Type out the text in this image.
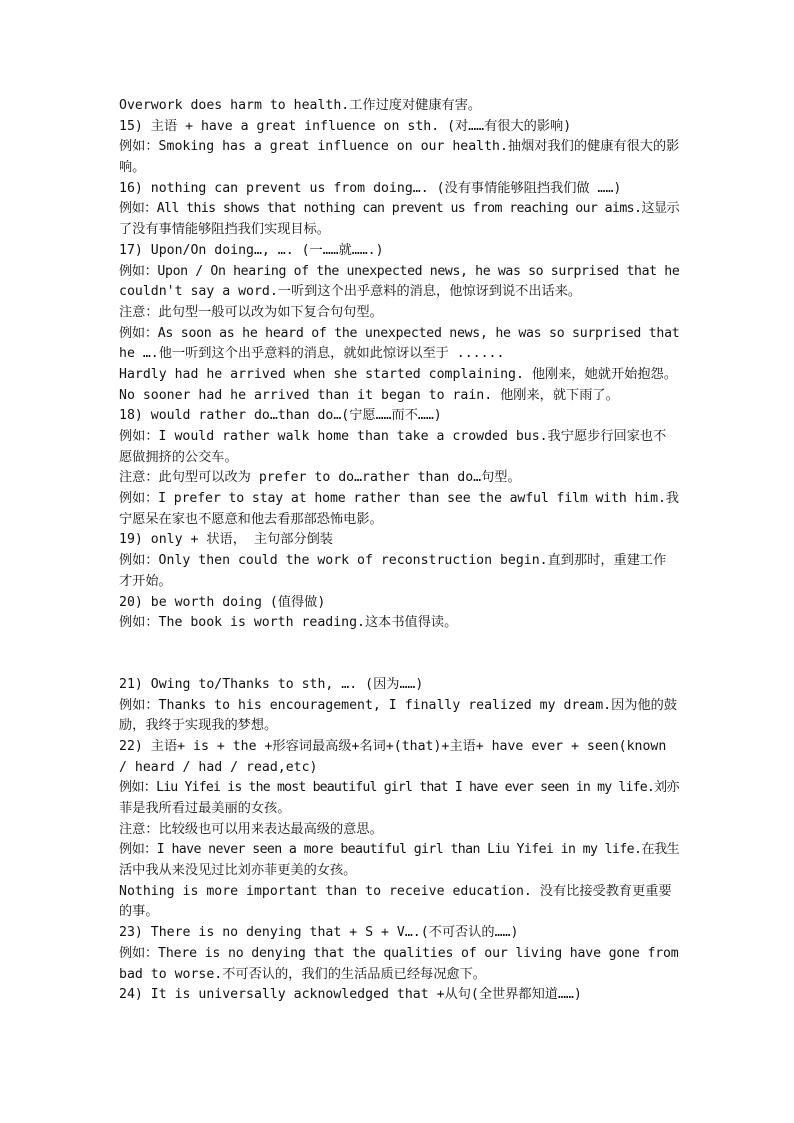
Overwork does harm to health.工作过度对健康有害。
15) 主语 + have a great influence on sth. (对……有很大的影响)
例如：Smoking has a great influence on our health.抽烟对我们的健康有很大的影
响。
16) nothing can prevent us from doing…. (没有事情能够阻挡我们做 ……)
例如：All this shows that nothing can prevent us from reaching our aims.这显示
了没有事情能够阻挡我们实现目标。
17) Upon/On doing…, …. (一……就…….)
例如：Upon / On hearing of the unexpected news, he was so surprised that he
couldn't say a word.一听到这个出乎意料的消息，他惊讶到说不出话来。
注意：此句型一般可以改为如下复合句句型。
例如：As soon as he heard of the unexpected news, he was so surprised that
he ….他一听到这个出乎意料的消息，就如此惊讶以至于 ......
Hardly had he arrived when she started complaining. 他刚来，她就开始抱怨。
No sooner had he arrived than it began to rain. 他刚来，就下雨了。
18) would rather do…than do…(宁愿……而不……)
例如：I would rather walk home than take a crowded bus.我宁愿步行回家也不
愿做拥挤的公交车。
注意：此句型可以改为 prefer to do…rather than do…句型。
例如：I prefer to stay at home rather than see the awful film with him.我
宁愿呆在家也不愿意和他去看那部恐怖电影。
19) only + 状语， 主句部分倒装
例如：Only then could the work of reconstruction begin.直到那时，重建工作
才开始。
20) be worth doing (值得做)
例如：The book is worth reading.这本书值得读。
21) Owing to/Thanks to sth, …. (因为……)
例如：Thanks to his encouragement, I finally realized my dream.因为他的鼓
励，我终于实现我的梦想。
22) 主语+ is + the +形容词最高级+名词+(that)+主语+ have ever + seen(known
/ heard / had / read,etc)
例如：Liu Yifei is the most beautiful girl that I have ever seen in my life.刘亦
菲是我所看过最美丽的女孩。
注意：比较级也可以用来表达最高级的意思。
例如：I have never seen a more beautiful girl than Liu Yifei in my life.在我生
活中我从来没见过比刘亦菲更美的女孩。
Nothing is more important than to receive education. 没有比接受教育更重要
的事。
23) There is no denying that + S + V….(不可否认的……)
例如：There is no denying that the qualities of our living have gone from
bad to worse.不可否认的，我们的生活品质已经每况愈下。
24) It is universally acknowledged that +从句(全世界都知道……)
